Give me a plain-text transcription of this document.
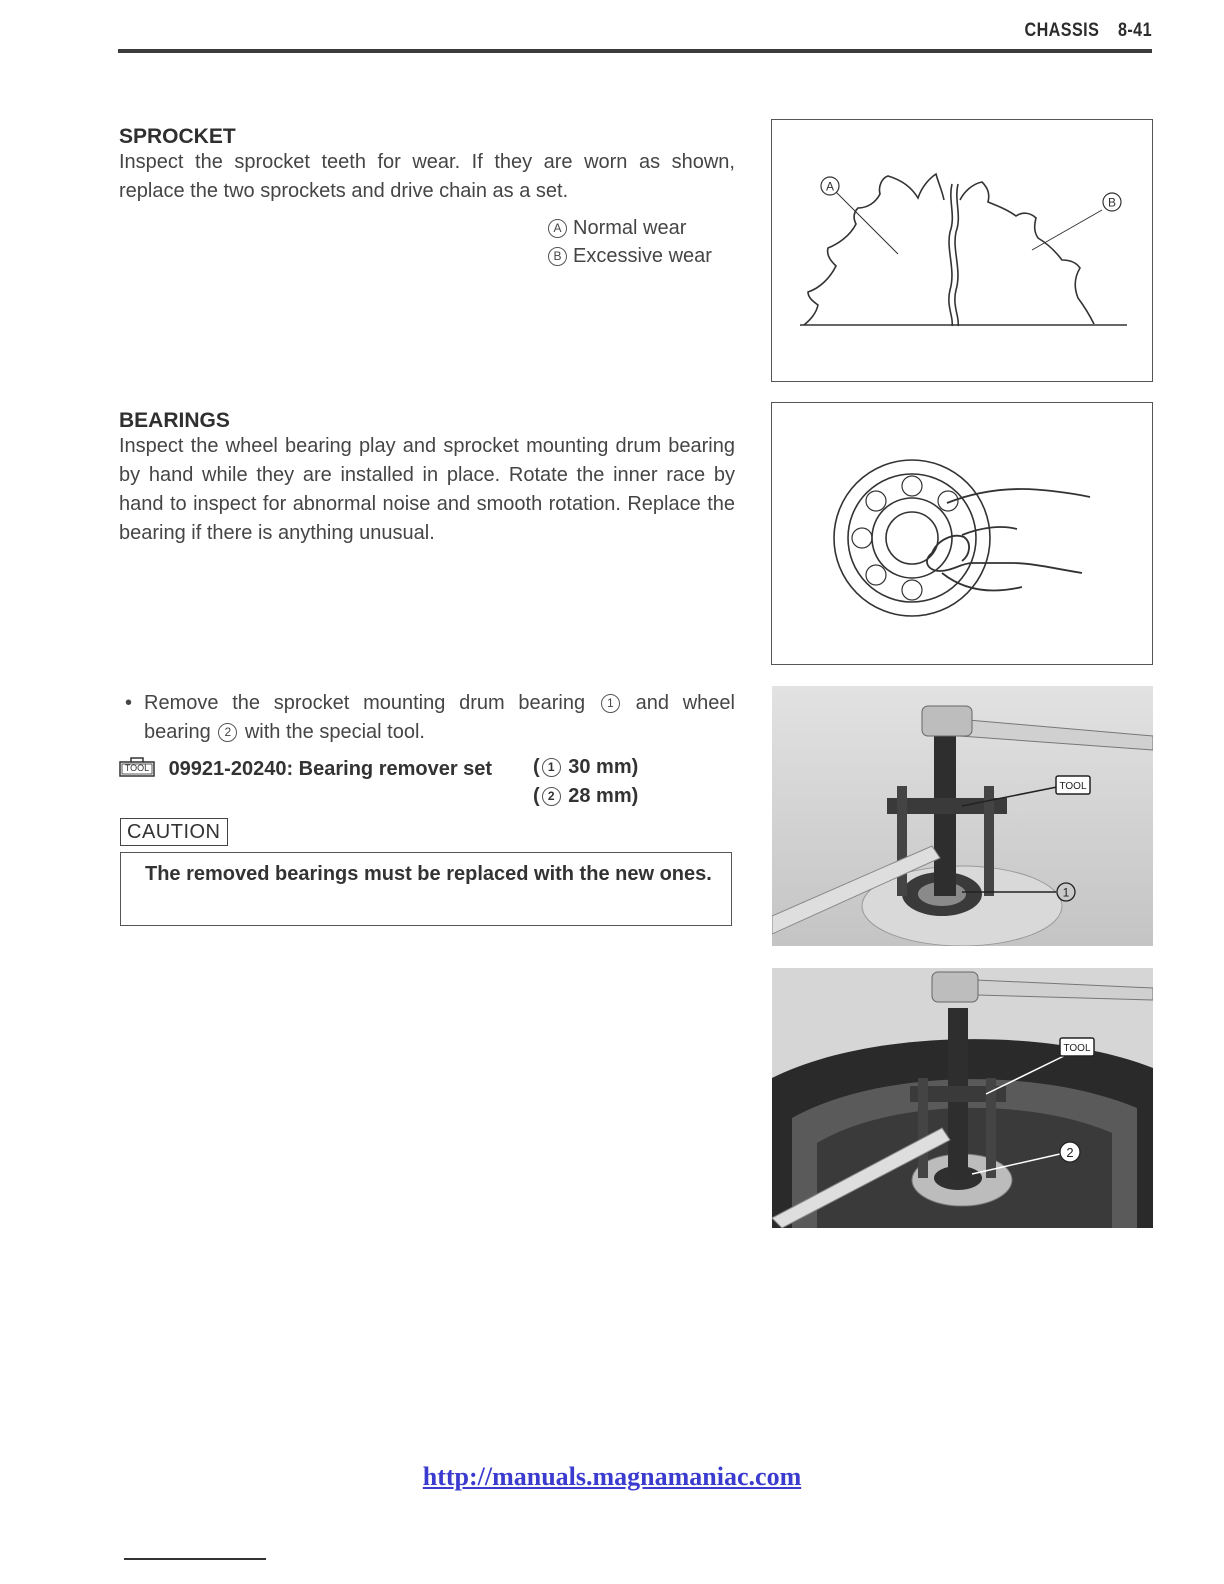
CHASSIS 8-41
SPROCKET
Inspect the sprocket teeth for wear. If they are worn as shown, replace the two sprockets and drive chain as a set.
A Normal wear
B Excessive wear
A
B
BEARINGS
Inspect the wheel bearing play and sprocket mounting drum bearing by hand while they are installed in place. Rotate the inner race by hand to inspect for abnormal noise and smooth rotation. Replace the bearing if there is anything unusual.
• Remove the sprocket mounting drum bearing 1 and wheel bearing 2 with the special tool.
TOOL 09921-20240: Bearing remover set ( 1 30 mm)
( 2 28 mm)
CAUTION
The removed bearings must be replaced with the new ones.
TOOL
1
TOOL
2
http://manuals.magnamaniac.com
